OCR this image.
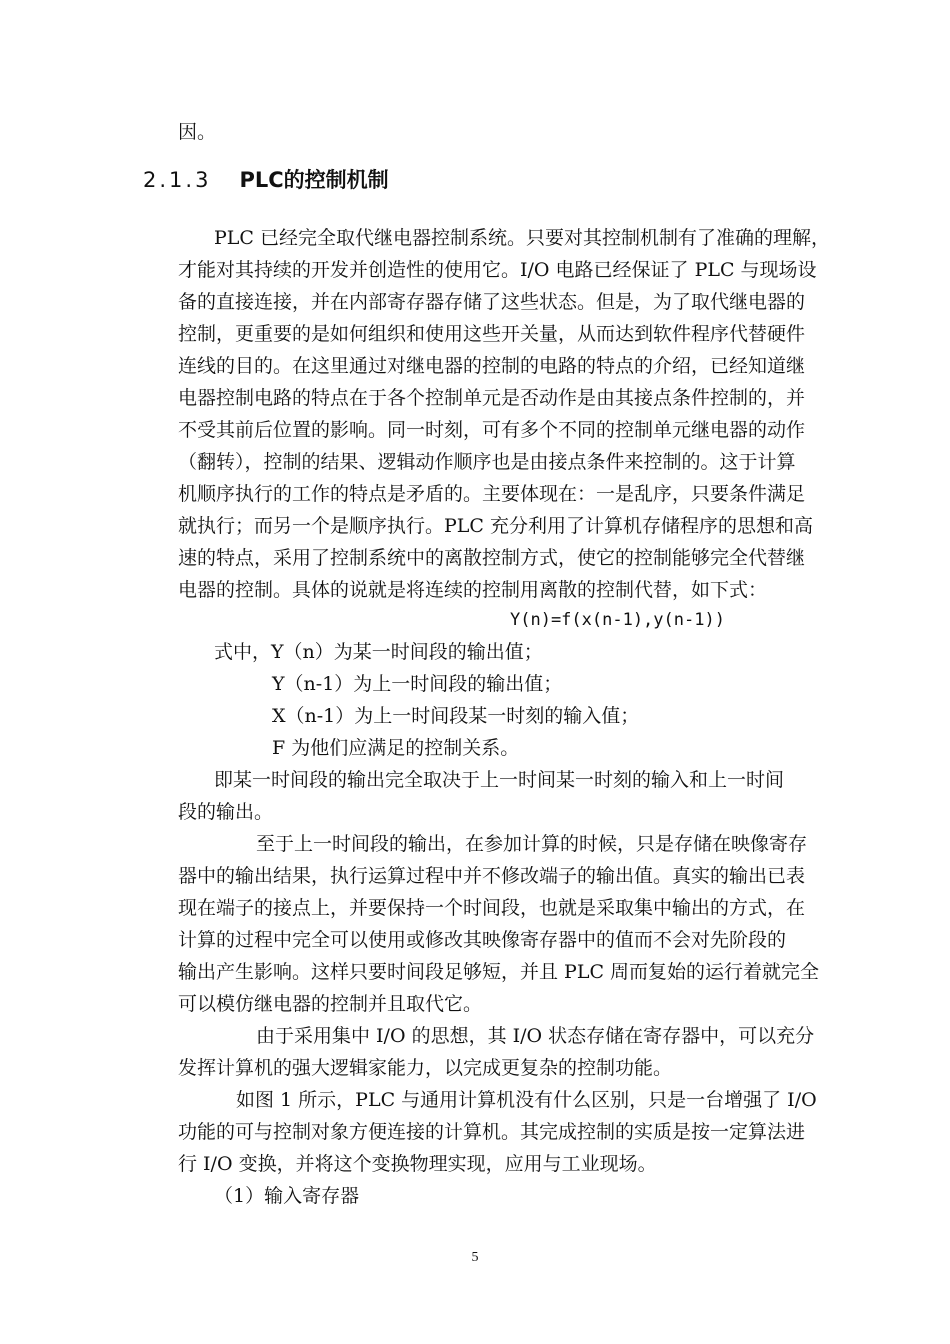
因。
2.1.3 PLC的控制机制
PLC 已经完全取代继电器控制系统。只要对其控制机制有了准确的理解，
才能对其持续的开发并创造性的使用它。I/O 电路已经保证了 PLC 与现场设
备的直接连接，并在内部寄存器存储了这些状态。但是，为了取代继电器的
控制，更重要的是如何组织和使用这些开关量，从而达到软件程序代替硬件
连线的目的。在这里通过对继电器的控制的电路的特点的介绍，已经知道继
电器控制电路的特点在于各个控制单元是否动作是由其接点条件控制的，并
不受其前后位置的影响。同一时刻，可有多个不同的控制单元继电器的动作
（翻转），控制的结果、逻辑动作顺序也是由接点条件来控制的。这于计算
机顺序执行的工作的特点是矛盾的。主要体现在：一是乱序，只要条件满足
就执行；而另一个是顺序执行。PLC 充分利用了计算机存储程序的思想和高
速的特点，采用了控制系统中的离散控制方式，使它的控制能够完全代替继
电器的控制。具体的说就是将连续的控制用离散的控制代替，如下式：
Y(n)=f(x(n-1),y(n-1))
式中，Y（n）为某一时间段的输出值；
Y（n-1）为上一时间段的输出值；
X（n-1）为上一时间段某一时刻的输入值；
F 为他们应满足的控制关系。
即某一时间段的输出完全取决于上一时间某一时刻的输入和上一时间
段的输出。
至于上一时间段的输出，在参加计算的时候，只是存储在映像寄存
器中的输出结果，执行运算过程中并不修改端子的输出值。真实的输出已表
现在端子的接点上，并要保持一个时间段，也就是采取集中输出的方式，在
计算的过程中完全可以使用或修改其映像寄存器中的值而不会对先阶段的
输出产生影响。这样只要时间段足够短，并且 PLC 周而复始的运行着就完全
可以模仿继电器的控制并且取代它。
由于采用集中 I/O 的思想，其 I/O 状态存储在寄存器中，可以充分
发挥计算机的强大逻辑家能力，以完成更复杂的控制功能。
如图 1 所示，PLC 与通用计算机没有什么区别，只是一台增强了 I/O
功能的可与控制对象方便连接的计算机。其完成控制的实质是按一定算法进
行 I/O 变换，并将这个变换物理实现，应用与工业现场。
（1）输入寄存器
5
